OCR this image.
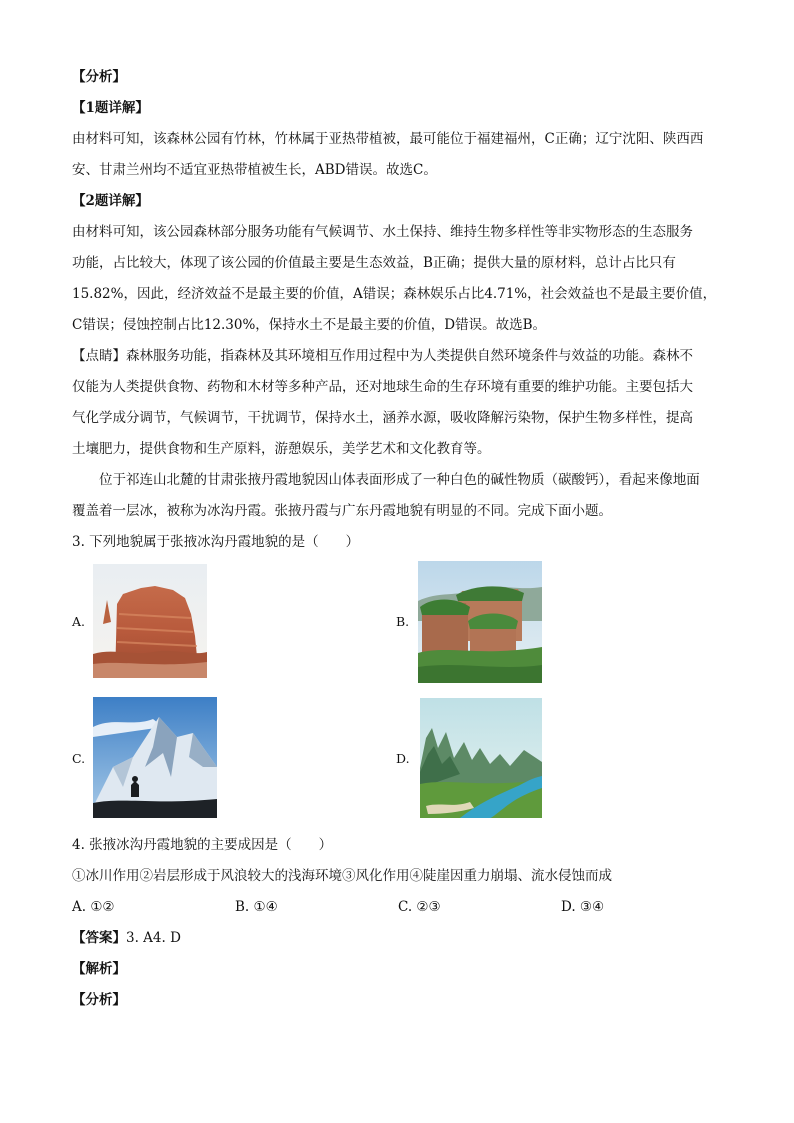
【分析】

【1题详解】

由材料可知，该森林公园有竹林，竹林属于亚热带植被，最可能位于福建福州，C正确；辽宁沈阳、陕西西

安、甘肃兰州均不适宜亚热带植被生长，ABD错误。故选C。

【2题详解】

由材料可知，该公园森林部分服务功能有气候调节、水土保持、维持生物多样性等非实物形态的生态服务

功能，占比较大，体现了该公园的价值最主要是生态效益，B正确；提供大量的原材料，总计占比只有

15.82%，因此，经济效益不是最主要的价值，A错误；森林娱乐占比4.71%，社会效益也不是最主要价值，

C错误；侵蚀控制占比12.30%，保持水土不是最主要的价值，D错误。故选B。

【点睛】森林服务功能，指森林及其环境相互作用过程中为人类提供自然环境条件与效益的功能。森林不

仅能为人类提供食物、药物和木材等多种产品，还对地球生命的生存环境有重要的维护功能。主要包括大

气化学成分调节，气候调节，干扰调节，保持水土，涵养水源，吸收降解污染物，保护生物多样性，提高

土壤肥力，提供食物和生产原料，游憩娱乐，美学艺术和文化教育等。

位于祁连山北麓的甘肃张掖丹霞地貌因山体表面形成了一种白色的碱性物质（碳酸钙），看起来像地面

覆盖着一层冰，被称为冰沟丹霞。张掖丹霞与广东丹霞地貌有明显的不同。完成下面小题。

3. 下列地貌属于张掖冰沟丹霞地貌的是（　　）

A.	B.
C.	D.

4. 张掖冰沟丹霞地貌的主要成因是（　　）

①冰川作用②岩层形成于风浪较大的浅海环境③风化作用④陡崖因重力崩塌、流水侵蚀而成

A. ①②	B. ①④	C. ②③	D. ③④

【答案】3. A4. D

【解析】

【分析】
